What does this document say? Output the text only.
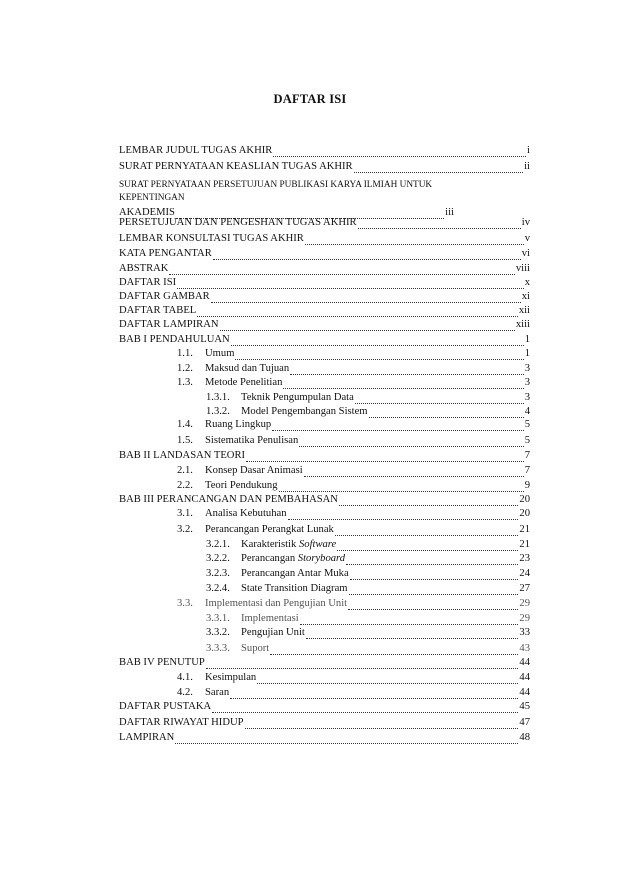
DAFTAR ISI
LEMBAR JUDUL TUGAS AKHIR	i
SURAT PERNYATAAN KEASLIAN TUGAS AKHIR	ii
SURAT PERNYATAAN PERSETUJUAN PUBLIKASI KARYA ILMIAH UNTUK
KEPENTINGAN
AKADEMIS	iii
PERSETUJUAN DAN PENGESHAN TUGAS AKHIR	iv
LEMBAR KONSULTASI TUGAS AKHIR	v
KATA PENGANTAR	vi
ABSTRAK	viii
DAFTAR ISI	x
DAFTAR GAMBAR	xi
DAFTAR TABEL	xii
DAFTAR LAMPIRAN	xiii
BAB I PENDAHULUAN	1
1.1.	Umum	1
1.2.	Maksud dan Tujuan	3
1.3.	Metode Penelitian	3
1.3.1.	Teknik Pengumpulan Data	3
1.3.2.	Model Pengembangan Sistem	4
1.4.	Ruang Lingkup	5
1.5.	Sistematika Penulisan	5
BAB II LANDASAN TEORI	7
2.1.	Konsep Dasar Animasi	7
2.2.	Teori Pendukung	9
BAB III PERANCANGAN DAN PEMBAHASAN	20
3.1.	Analisa Kebutuhan	20
3.2.	Perancangan Perangkat Lunak	21
3.2.1.	Karakteristik Software	21
3.2.2.	Perancangan Storyboard	23
3.2.3.	Perancangan Antar Muka	24
3.2.4.	State Transition Diagram	27
3.3.	Implementasi dan Pengujian Unit	29
3.3.1.	Implementasi	29
3.3.2.	Pengujian Unit	33
3.3.3.	Suport	43
BAB IV PENUTUP	44
4.1.	Kesimpulan	44
4.2.	Saran	44
DAFTAR PUSTAKA	45
DAFTAR RIWAYAT HIDUP	47
LAMPIRAN	48
